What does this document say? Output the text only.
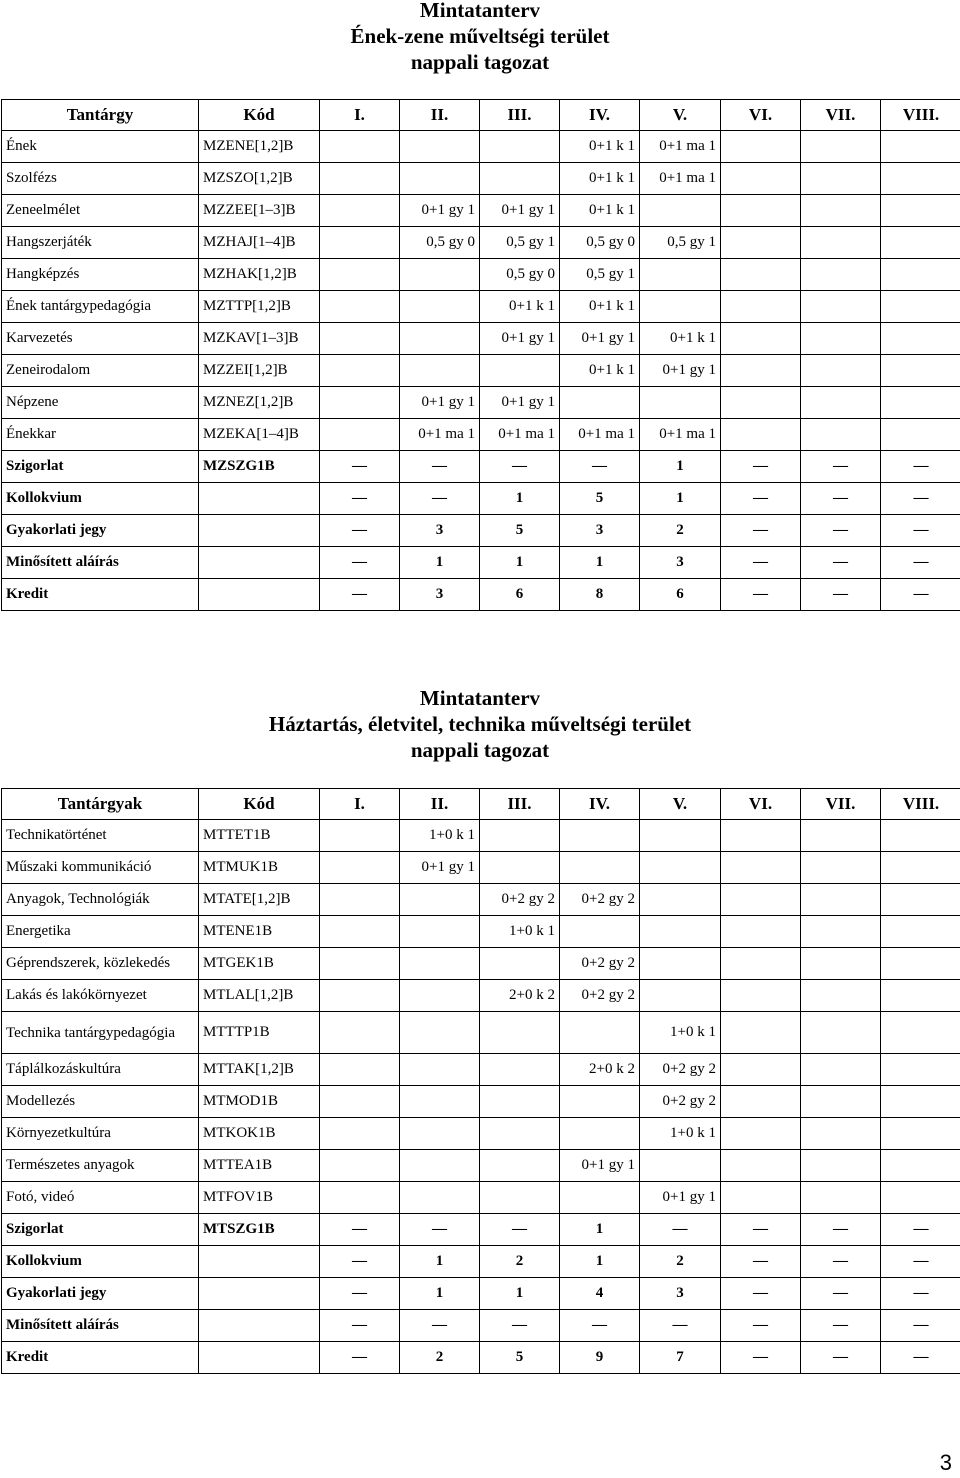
Mintatanterv
Ének-zene műveltségi terület
nappali tagozat
Tantárgy	Kód	I.	II.	III.	IV.	V.	VI.	VII.	VIII.
Ének	MZENE[1,2]B				0+1 k 1	0+1 ma 1			
Szolfézs	MZSZO[1,2]B				0+1 k 1	0+1 ma 1			
Zeneelmélet	MZZEE[1–3]B		0+1 gy 1	0+1 gy 1	0+1 k 1				
Hangszerjáték	MZHAJ[1–4]B		0,5 gy 0	0,5 gy 1	0,5 gy 0	0,5 gy 1			
Hangképzés	MZHAK[1,2]B			0,5 gy 0	0,5 gy 1				
Ének tantárgypedagógia	MZTTP[1,2]B			0+1 k 1	0+1 k 1				
Karvezetés	MZKAV[1–3]B			0+1 gy 1	0+1 gy 1	0+1 k 1			
Zeneirodalom	MZZEI[1,2]B				0+1 k 1	0+1 gy 1			
Népzene	MZNEZ[1,2]B		0+1 gy 1	0+1 gy 1					
Énekkar	MZEKA[1–4]B		0+1 ma 1	0+1 ma 1	0+1 ma 1	0+1 ma 1			
Szigorlat	MZSZG1B	—	—	—	—	1	—	—	—
Kollokvium		—	—	1	5	1	—	—	—
Gyakorlati jegy		—	3	5	3	2	—	—	—
Minősített aláírás		—	1	1	1	3	—	—	—
Kredit		—	3	6	8	6	—	—	—
Mintatanterv
Háztartás, életvitel, technika műveltségi terület
nappali tagozat
Tantárgyak	Kód	I.	II.	III.	IV.	V.	VI.	VII.	VIII.
Technikatörténet	MTTET1B		1+0 k 1						
Műszaki kommunikáció	MTMUK1B		0+1 gy 1						
Anyagok, Technológiák	MTATE[1,2]B			0+2 gy 2	0+2 gy 2				
Energetika	MTENE1B			1+0 k 1					
Géprendszerek, közlekedés	MTGEK1B				0+2 gy 2				
Lakás és lakókörnyezet	MTLAL[1,2]B			2+0 k 2	0+2 gy 2				
Technika tantárgypedagógia	MTTTP1B					1+0 k 1			
Táplálkozáskultúra	MTTAK[1,2]B				2+0 k 2	0+2 gy 2			
Modellezés	MTMOD1B					0+2 gy 2			
Környezetkultúra	MTKOK1B					1+0 k 1			
Természetes anyagok	MTTEA1B				0+1 gy 1				
Fotó, videó	MTFOV1B					0+1 gy 1			
Szigorlat	MTSZG1B	—	—	—	1	—	—	—	—
Kollokvium		—	1	2	1	2	—	—	—
Gyakorlati jegy		—	1	1	4	3	—	—	—
Minősített aláírás		—	—	—	—	—	—	—	—
Kredit		—	2	5	9	7	—	—	—
3
